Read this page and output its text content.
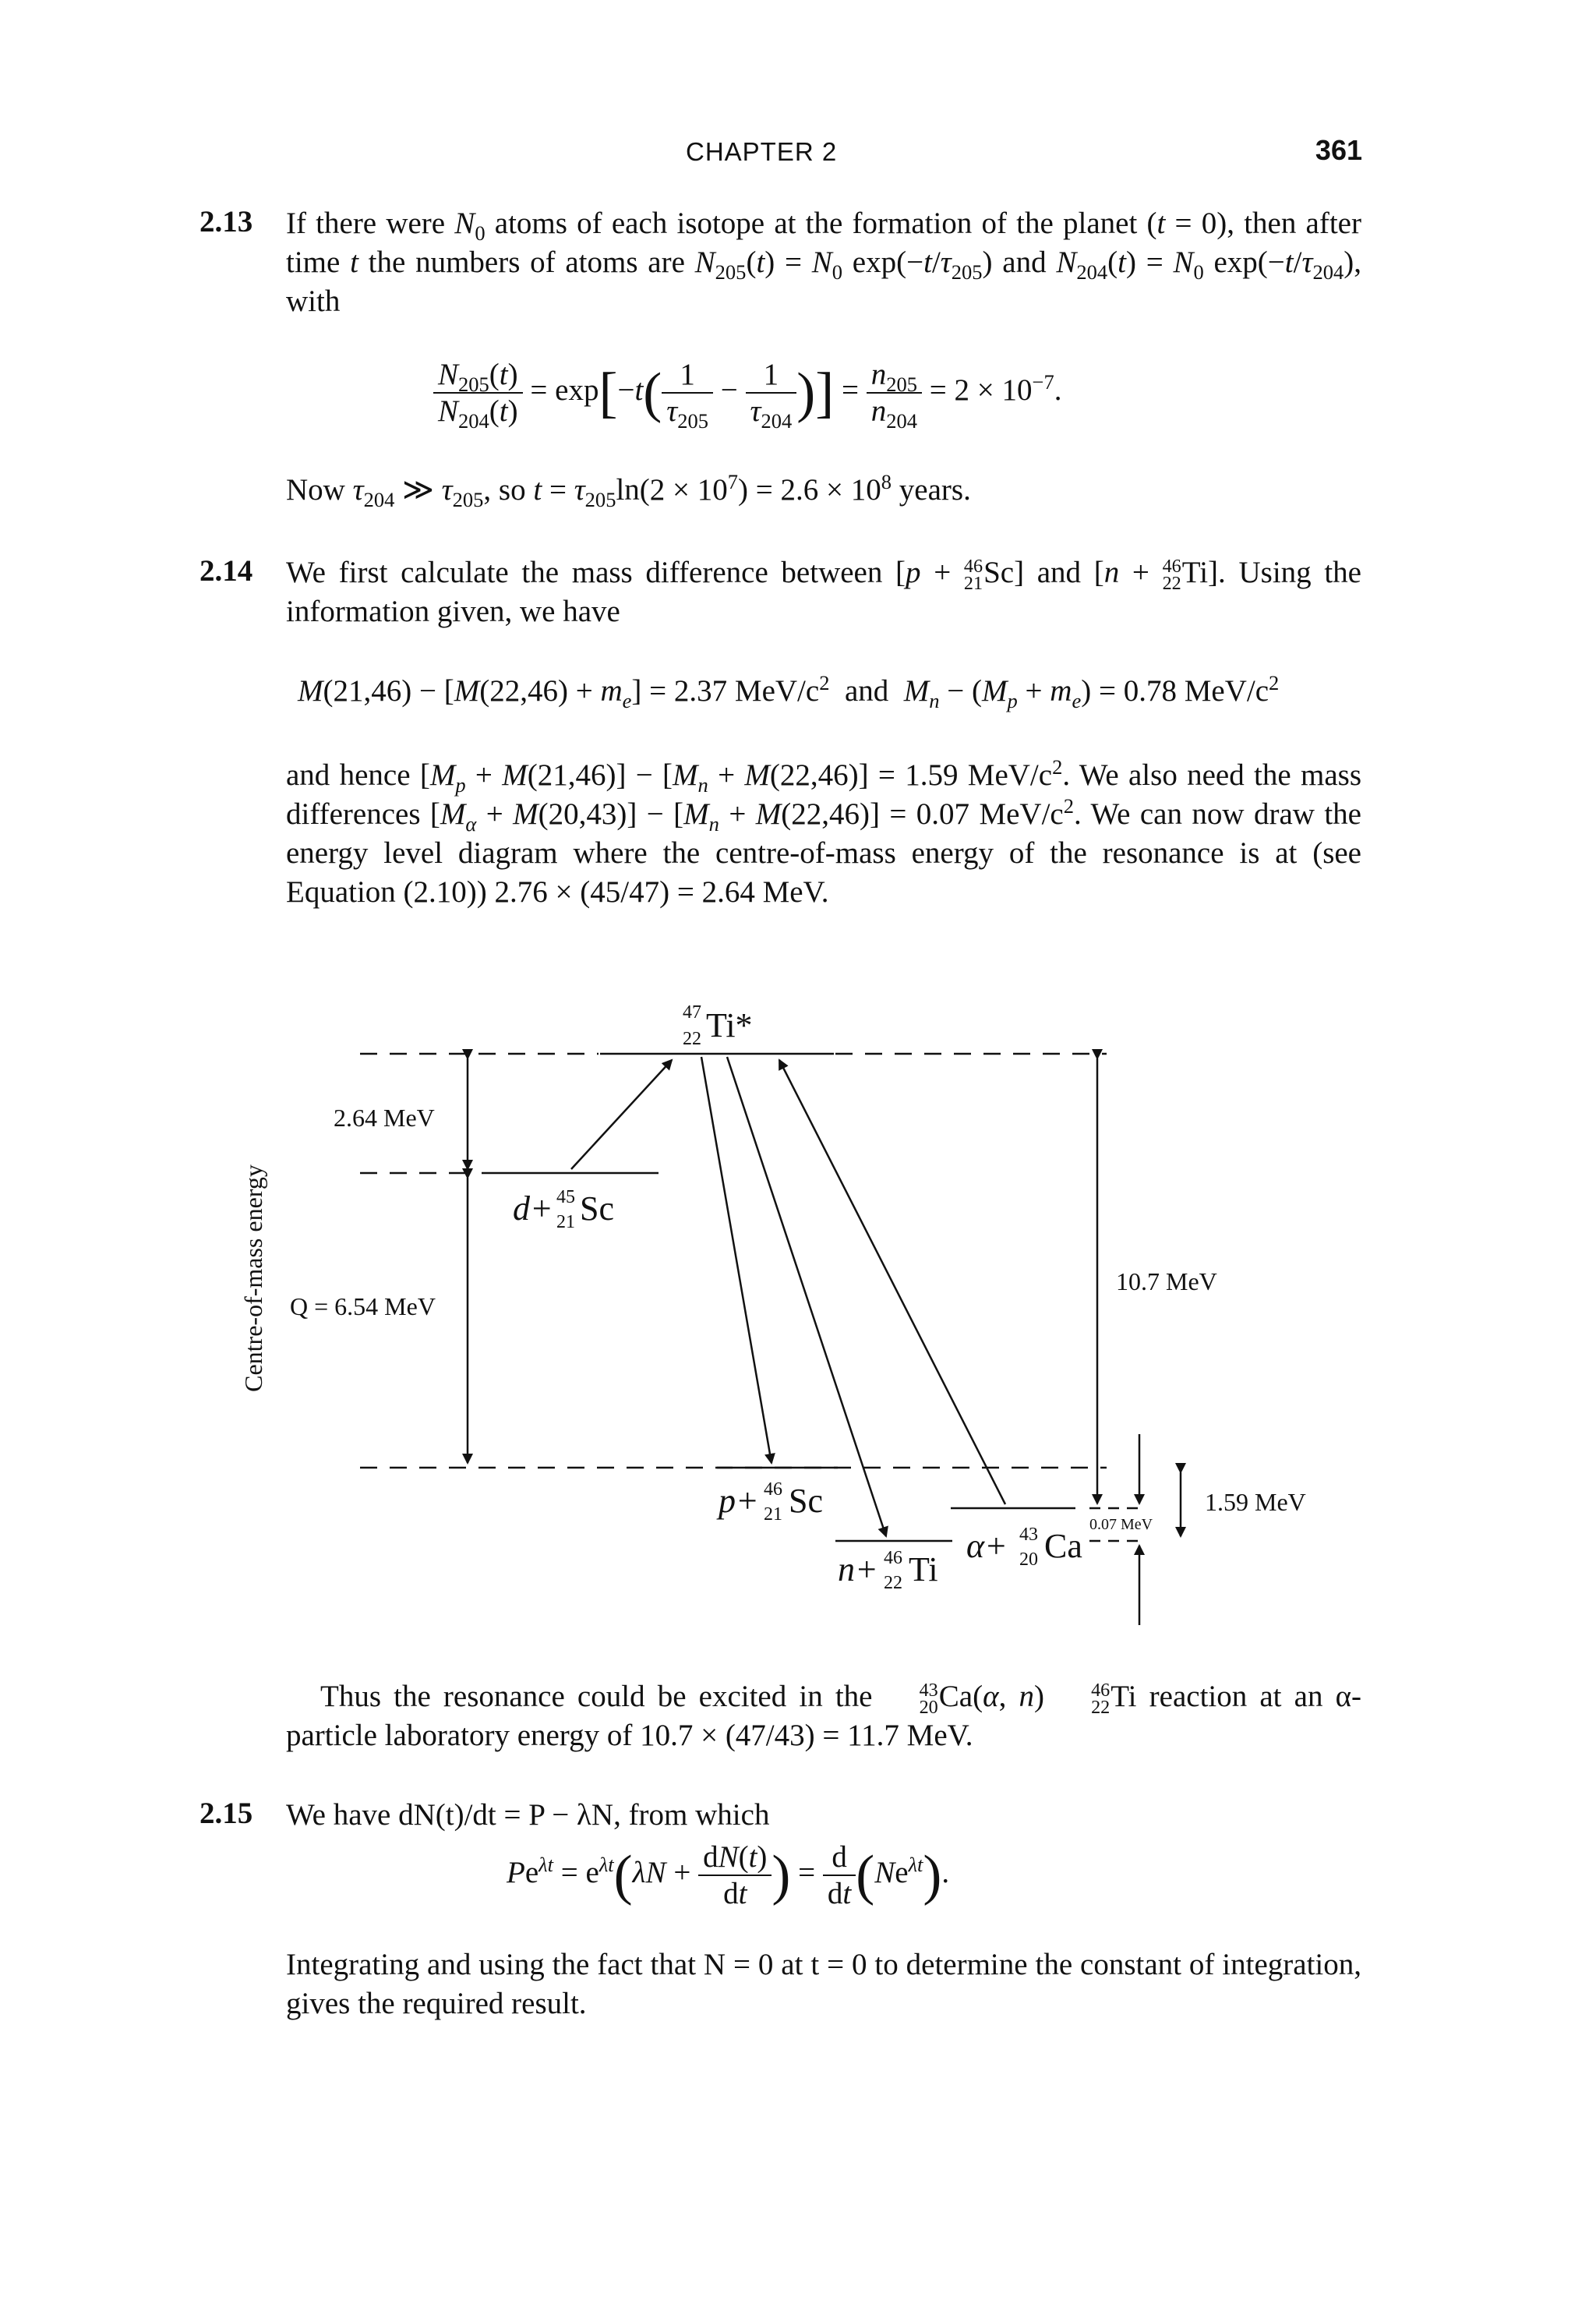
CHAPTER 2	361
2.13 If there were $N_0$ atoms of each isotope at the formation of the planet (t = 0), then after time t the numbers of atoms are $N_{205}(t) = N_0$ $\exp(-t/\tau_{205})$ and $N_{204}(t) = N_0$ $\exp(-t/\tau_{204})$, with
$\frac{N_{205}(t)}{N_{204}(t)} = \exp[-t( \frac{1}{\tau_{205}} - \frac{1}{\tau_{204}}$ )] = $\frac{n_{205}}{n_{204}} = 2 \times 10^{-7}$.
Now $\tau_{204}$ ≫ $\tau_{205}$, so $t = \tau_{205}\ln(2 \times 10^7) = 2.6 \times 10^8$ years.
2.14 We first calculate the mass difference between [p + 46
21 Sc] and [n + 46
22 Ti]. Using the information given, we have
$M(21,46) - [M(22,46) + m_e] = 2.37$ MeV/$c^2$ and $M_n - (M_p + m_e) = 0.78$ MeV/$c^2$
and hence $[M_p + M(21,46)] - [M_n + M(22,46)] = 1.59$ MeV/$c^2$. We also need the mass differences $[M_\alpha + M(20,43)] - [M_n + M(22,46)] = 0.07$ MeV/$c^2$. We can now draw the energy level diagram where the centre-of-mass energy of the resonance is at (see Equation (2.10)) 2.76 × (45/47) = 2.64 MeV.
Centre-of-mass energy
47
22 Ti*
2.64 MeV
Q = 6.54 MeV
10.7 MeV
0.07 MeV
1.59 MeV
d+ 45
21 Sc
p+ 46
21 Sc
n+ 46
22 Ti
α+ 43
20 Ca
Thus the resonance could be excited in the	43
20 Ca(α, n)	46
22 Ti reaction at an α-particle laboratory energy of 10.7 × (47/43) = 11.7 MeV.
2.15 We have dN(t)/dt = P − λN, from which
$Pe^{\lambda t} = e^{\lambda t}(\lambda N + \frac{dN(t)}{dt}$ ) = $\frac{d}{dt} (Ne^{\lambda t})$.
Integrating and using the fact that N = 0 at t = 0 to determine the constant of integration, gives the required result.
